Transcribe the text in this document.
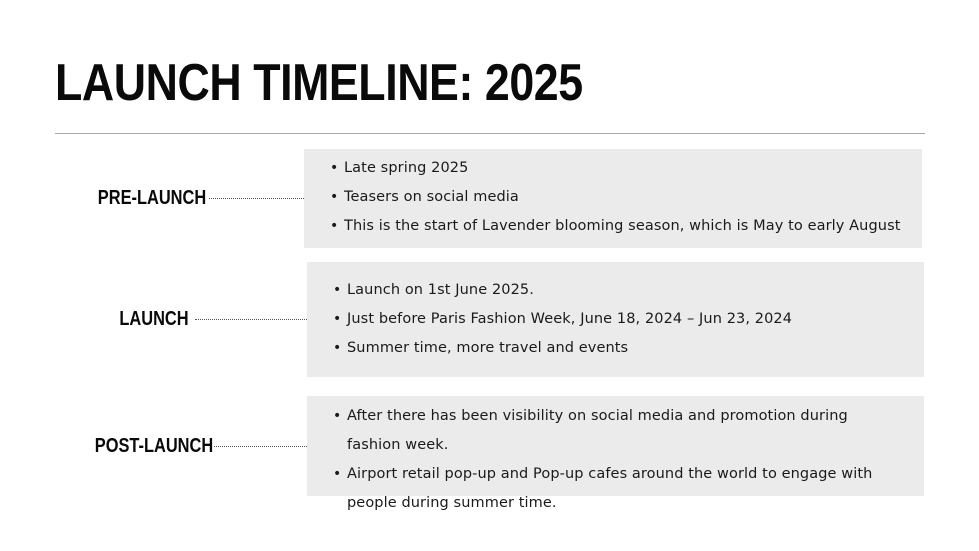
LAUNCH TIMELINE: 2025
PRE-LAUNCH
• Late spring 2025
• Teasers on social media
• This is the start of Lavender blooming season, which is May to early August
LAUNCH
• Launch on 1st June 2025.
• Just before Paris Fashion Week, June 18, 2024 – Jun 23, 2024
• Summer time, more travel and events
POST-LAUNCH
• After there has been visibility on social media and promotion during fashion week.
• Airport retail pop-up and Pop-up cafes around the world to engage with people during summer time.
